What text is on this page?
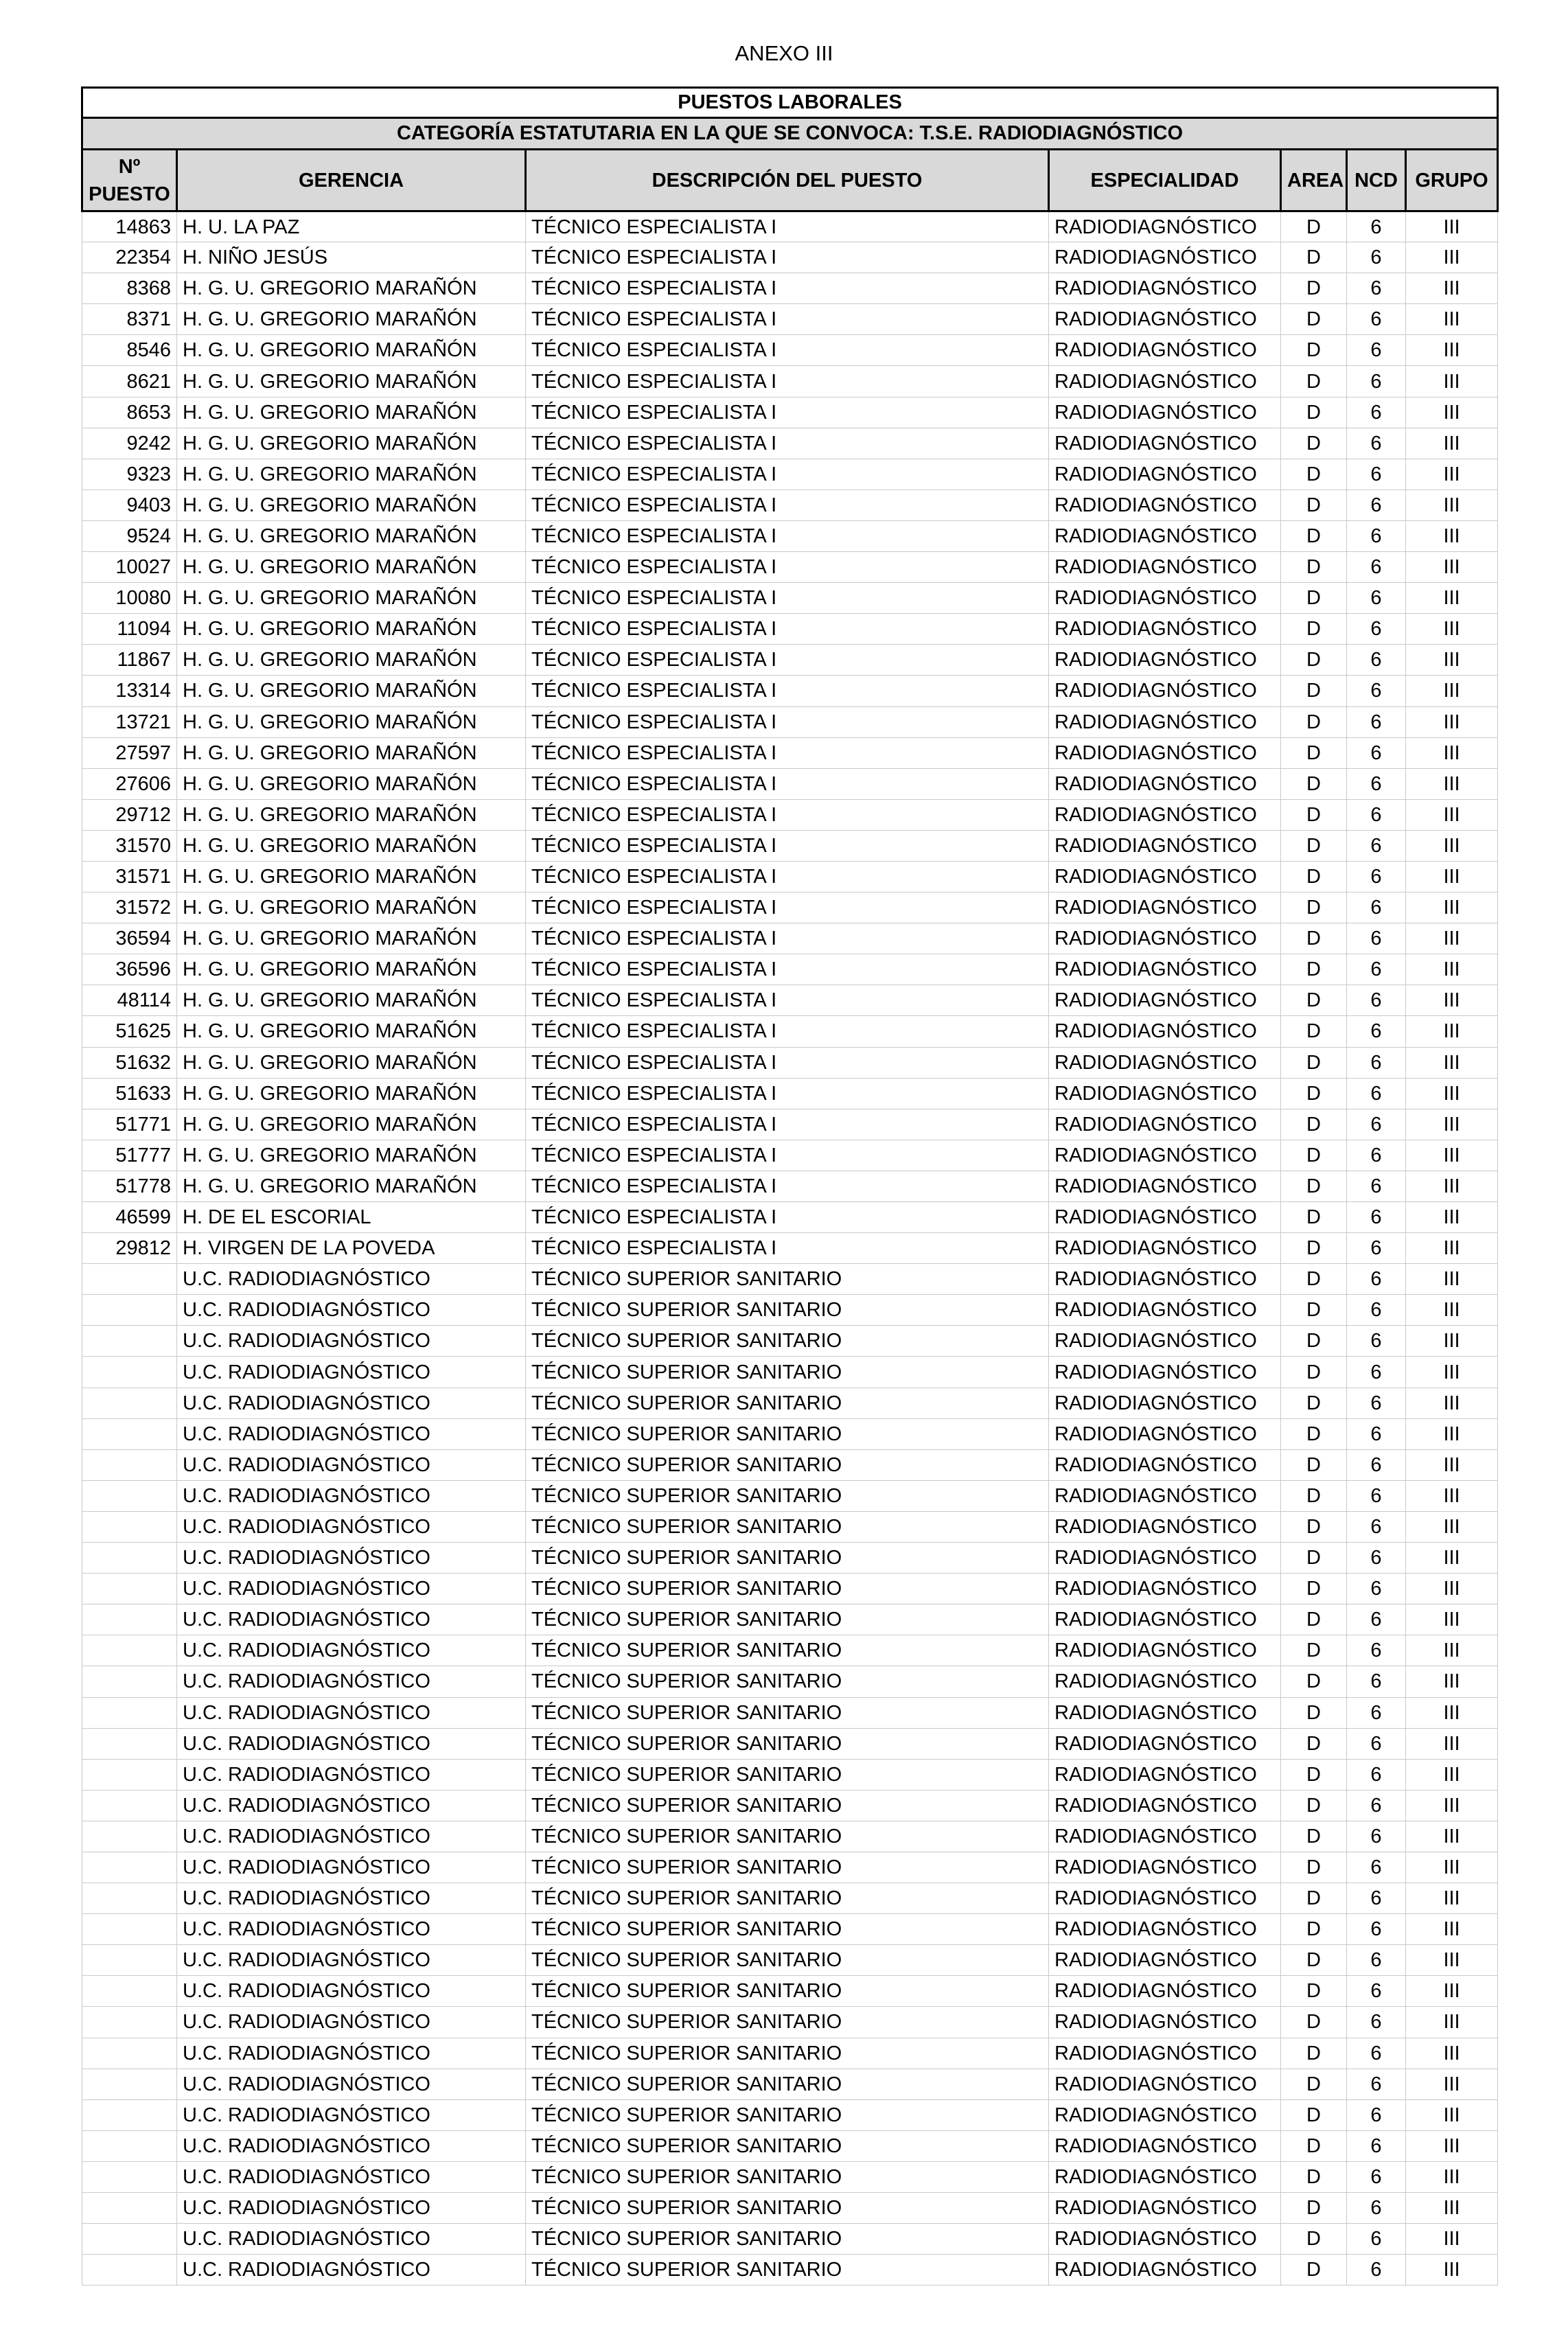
ANEXO III
PUESTOS LABORALES						
CATEGORÍA ESTATUTARIA EN LA QUE SE CONVOCA: T.S.E. RADIODIAGNÓSTICO						
Nº
PUESTO	GERENCIA	DESCRIPCIÓN DEL PUESTO	ESPECIALIDAD	AREA	NCD	GRUPO
14863	H. U. LA PAZ	TÉCNICO ESPECIALISTA I	RADIODIAGNÓSTICO	D	6	III
22354	H. NIÑO JESÚS	TÉCNICO ESPECIALISTA I	RADIODIAGNÓSTICO	D	6	III
8368	H. G. U. GREGORIO MARAÑÓN	TÉCNICO ESPECIALISTA I	RADIODIAGNÓSTICO	D	6	III
8371	H. G. U. GREGORIO MARAÑÓN	TÉCNICO ESPECIALISTA I	RADIODIAGNÓSTICO	D	6	III
8546	H. G. U. GREGORIO MARAÑÓN	TÉCNICO ESPECIALISTA I	RADIODIAGNÓSTICO	D	6	III
8621	H. G. U. GREGORIO MARAÑÓN	TÉCNICO ESPECIALISTA I	RADIODIAGNÓSTICO	D	6	III
8653	H. G. U. GREGORIO MARAÑÓN	TÉCNICO ESPECIALISTA I	RADIODIAGNÓSTICO	D	6	III
9242	H. G. U. GREGORIO MARAÑÓN	TÉCNICO ESPECIALISTA I	RADIODIAGNÓSTICO	D	6	III
9323	H. G. U. GREGORIO MARAÑÓN	TÉCNICO ESPECIALISTA I	RADIODIAGNÓSTICO	D	6	III
9403	H. G. U. GREGORIO MARAÑÓN	TÉCNICO ESPECIALISTA I	RADIODIAGNÓSTICO	D	6	III
9524	H. G. U. GREGORIO MARAÑÓN	TÉCNICO ESPECIALISTA I	RADIODIAGNÓSTICO	D	6	III
10027	H. G. U. GREGORIO MARAÑÓN	TÉCNICO ESPECIALISTA I	RADIODIAGNÓSTICO	D	6	III
10080	H. G. U. GREGORIO MARAÑÓN	TÉCNICO ESPECIALISTA I	RADIODIAGNÓSTICO	D	6	III
11094	H. G. U. GREGORIO MARAÑÓN	TÉCNICO ESPECIALISTA I	RADIODIAGNÓSTICO	D	6	III
11867	H. G. U. GREGORIO MARAÑÓN	TÉCNICO ESPECIALISTA I	RADIODIAGNÓSTICO	D	6	III
13314	H. G. U. GREGORIO MARAÑÓN	TÉCNICO ESPECIALISTA I	RADIODIAGNÓSTICO	D	6	III
13721	H. G. U. GREGORIO MARAÑÓN	TÉCNICO ESPECIALISTA I	RADIODIAGNÓSTICO	D	6	III
27597	H. G. U. GREGORIO MARAÑÓN	TÉCNICO ESPECIALISTA I	RADIODIAGNÓSTICO	D	6	III
27606	H. G. U. GREGORIO MARAÑÓN	TÉCNICO ESPECIALISTA I	RADIODIAGNÓSTICO	D	6	III
29712	H. G. U. GREGORIO MARAÑÓN	TÉCNICO ESPECIALISTA I	RADIODIAGNÓSTICO	D	6	III
31570	H. G. U. GREGORIO MARAÑÓN	TÉCNICO ESPECIALISTA I	RADIODIAGNÓSTICO	D	6	III
31571	H. G. U. GREGORIO MARAÑÓN	TÉCNICO ESPECIALISTA I	RADIODIAGNÓSTICO	D	6	III
31572	H. G. U. GREGORIO MARAÑÓN	TÉCNICO ESPECIALISTA I	RADIODIAGNÓSTICO	D	6	III
36594	H. G. U. GREGORIO MARAÑÓN	TÉCNICO ESPECIALISTA I	RADIODIAGNÓSTICO	D	6	III
36596	H. G. U. GREGORIO MARAÑÓN	TÉCNICO ESPECIALISTA I	RADIODIAGNÓSTICO	D	6	III
48114	H. G. U. GREGORIO MARAÑÓN	TÉCNICO ESPECIALISTA I	RADIODIAGNÓSTICO	D	6	III
51625	H. G. U. GREGORIO MARAÑÓN	TÉCNICO ESPECIALISTA I	RADIODIAGNÓSTICO	D	6	III
51632	H. G. U. GREGORIO MARAÑÓN	TÉCNICO ESPECIALISTA I	RADIODIAGNÓSTICO	D	6	III
51633	H. G. U. GREGORIO MARAÑÓN	TÉCNICO ESPECIALISTA I	RADIODIAGNÓSTICO	D	6	III
51771	H. G. U. GREGORIO MARAÑÓN	TÉCNICO ESPECIALISTA I	RADIODIAGNÓSTICO	D	6	III
51777	H. G. U. GREGORIO MARAÑÓN	TÉCNICO ESPECIALISTA I	RADIODIAGNÓSTICO	D	6	III
51778	H. G. U. GREGORIO MARAÑÓN	TÉCNICO ESPECIALISTA I	RADIODIAGNÓSTICO	D	6	III
46599	H. DE EL ESCORIAL	TÉCNICO ESPECIALISTA I	RADIODIAGNÓSTICO	D	6	III
29812	H. VIRGEN DE LA POVEDA	TÉCNICO ESPECIALISTA I	RADIODIAGNÓSTICO	D	6	III
	U.C. RADIODIAGNÓSTICO	TÉCNICO SUPERIOR SANITARIO	RADIODIAGNÓSTICO	D	6	III
	U.C. RADIODIAGNÓSTICO	TÉCNICO SUPERIOR SANITARIO	RADIODIAGNÓSTICO	D	6	III
	U.C. RADIODIAGNÓSTICO	TÉCNICO SUPERIOR SANITARIO	RADIODIAGNÓSTICO	D	6	III
	U.C. RADIODIAGNÓSTICO	TÉCNICO SUPERIOR SANITARIO	RADIODIAGNÓSTICO	D	6	III
	U.C. RADIODIAGNÓSTICO	TÉCNICO SUPERIOR SANITARIO	RADIODIAGNÓSTICO	D	6	III
	U.C. RADIODIAGNÓSTICO	TÉCNICO SUPERIOR SANITARIO	RADIODIAGNÓSTICO	D	6	III
	U.C. RADIODIAGNÓSTICO	TÉCNICO SUPERIOR SANITARIO	RADIODIAGNÓSTICO	D	6	III
	U.C. RADIODIAGNÓSTICO	TÉCNICO SUPERIOR SANITARIO	RADIODIAGNÓSTICO	D	6	III
	U.C. RADIODIAGNÓSTICO	TÉCNICO SUPERIOR SANITARIO	RADIODIAGNÓSTICO	D	6	III
	U.C. RADIODIAGNÓSTICO	TÉCNICO SUPERIOR SANITARIO	RADIODIAGNÓSTICO	D	6	III
	U.C. RADIODIAGNÓSTICO	TÉCNICO SUPERIOR SANITARIO	RADIODIAGNÓSTICO	D	6	III
	U.C. RADIODIAGNÓSTICO	TÉCNICO SUPERIOR SANITARIO	RADIODIAGNÓSTICO	D	6	III
	U.C. RADIODIAGNÓSTICO	TÉCNICO SUPERIOR SANITARIO	RADIODIAGNÓSTICO	D	6	III
	U.C. RADIODIAGNÓSTICO	TÉCNICO SUPERIOR SANITARIO	RADIODIAGNÓSTICO	D	6	III
	U.C. RADIODIAGNÓSTICO	TÉCNICO SUPERIOR SANITARIO	RADIODIAGNÓSTICO	D	6	III
	U.C. RADIODIAGNÓSTICO	TÉCNICO SUPERIOR SANITARIO	RADIODIAGNÓSTICO	D	6	III
	U.C. RADIODIAGNÓSTICO	TÉCNICO SUPERIOR SANITARIO	RADIODIAGNÓSTICO	D	6	III
	U.C. RADIODIAGNÓSTICO	TÉCNICO SUPERIOR SANITARIO	RADIODIAGNÓSTICO	D	6	III
	U.C. RADIODIAGNÓSTICO	TÉCNICO SUPERIOR SANITARIO	RADIODIAGNÓSTICO	D	6	III
	U.C. RADIODIAGNÓSTICO	TÉCNICO SUPERIOR SANITARIO	RADIODIAGNÓSTICO	D	6	III
	U.C. RADIODIAGNÓSTICO	TÉCNICO SUPERIOR SANITARIO	RADIODIAGNÓSTICO	D	6	III
	U.C. RADIODIAGNÓSTICO	TÉCNICO SUPERIOR SANITARIO	RADIODIAGNÓSTICO	D	6	III
	U.C. RADIODIAGNÓSTICO	TÉCNICO SUPERIOR SANITARIO	RADIODIAGNÓSTICO	D	6	III
	U.C. RADIODIAGNÓSTICO	TÉCNICO SUPERIOR SANITARIO	RADIODIAGNÓSTICO	D	6	III
	U.C. RADIODIAGNÓSTICO	TÉCNICO SUPERIOR SANITARIO	RADIODIAGNÓSTICO	D	6	III
	U.C. RADIODIAGNÓSTICO	TÉCNICO SUPERIOR SANITARIO	RADIODIAGNÓSTICO	D	6	III
	U.C. RADIODIAGNÓSTICO	TÉCNICO SUPERIOR SANITARIO	RADIODIAGNÓSTICO	D	6	III
	U.C. RADIODIAGNÓSTICO	TÉCNICO SUPERIOR SANITARIO	RADIODIAGNÓSTICO	D	6	III
	U.C. RADIODIAGNÓSTICO	TÉCNICO SUPERIOR SANITARIO	RADIODIAGNÓSTICO	D	6	III
	U.C. RADIODIAGNÓSTICO	TÉCNICO SUPERIOR SANITARIO	RADIODIAGNÓSTICO	D	6	III
	U.C. RADIODIAGNÓSTICO	TÉCNICO SUPERIOR SANITARIO	RADIODIAGNÓSTICO	D	6	III
	U.C. RADIODIAGNÓSTICO	TÉCNICO SUPERIOR SANITARIO	RADIODIAGNÓSTICO	D	6	III
	U.C. RADIODIAGNÓSTICO	TÉCNICO SUPERIOR SANITARIO	RADIODIAGNÓSTICO	D	6	III
